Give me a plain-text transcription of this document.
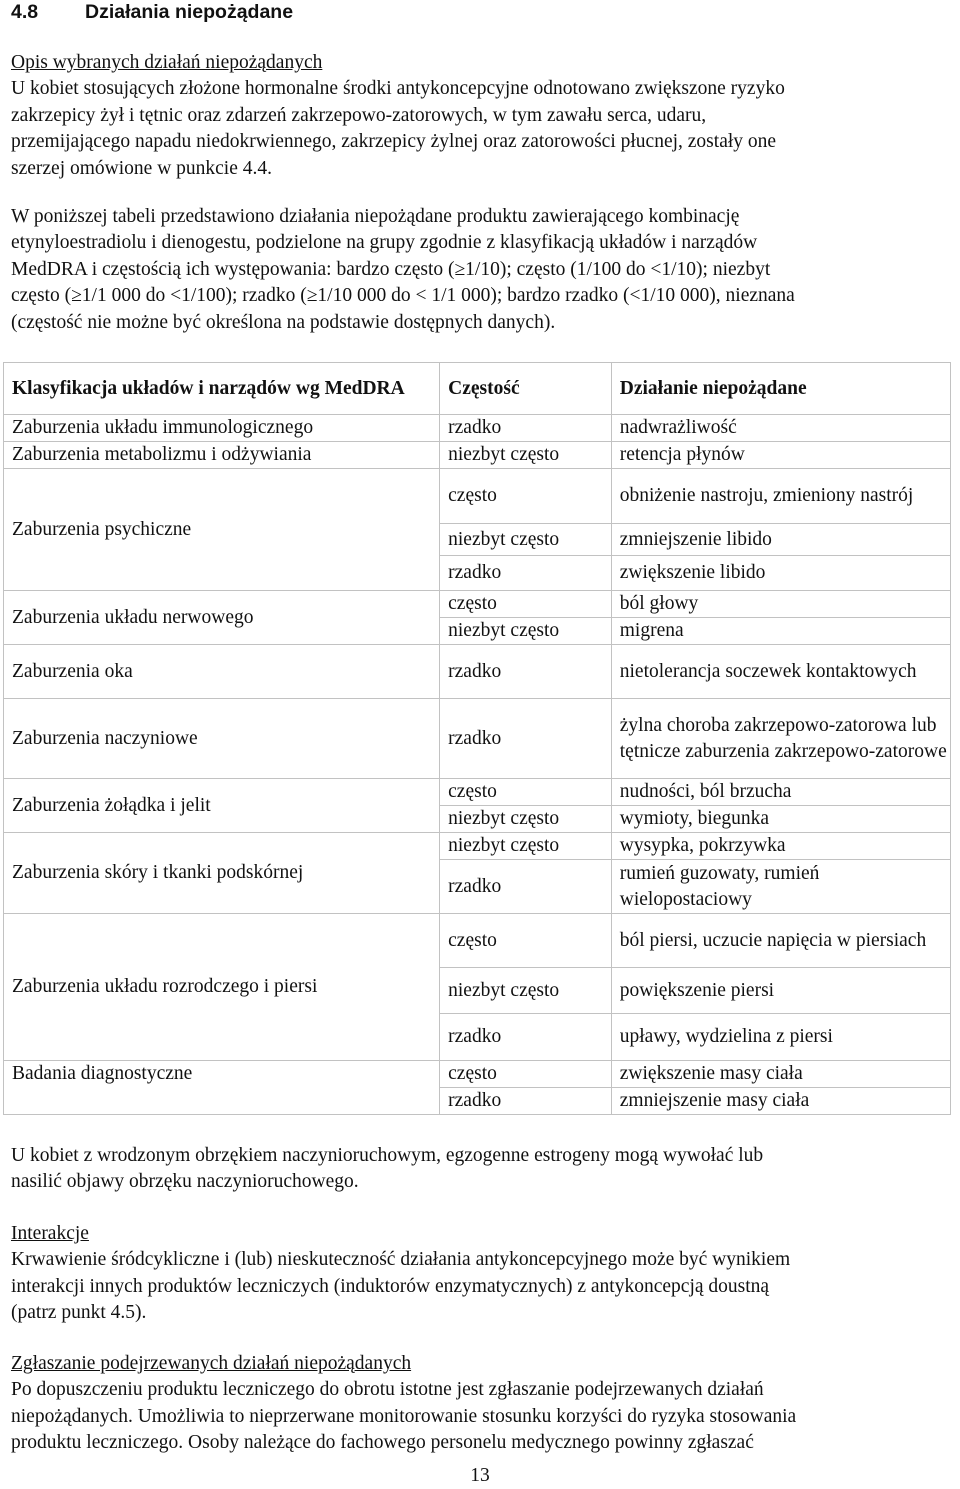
4.8 Działania niepożądane
Opis wybranych działań niepożądanych
U kobiet stosujących złożone hormonalne środki antykoncepcyjne odnotowano zwiększone ryzyko
zakrzepicy żył i tętnic oraz zdarzeń zakrzepowo-zatorowych, w tym zawału serca, udaru,
przemijającego napadu niedokrwiennego, zakrzepicy żylnej oraz zatorowości płucnej, zostały one
szerzej omówione w punkcie 4.4.
W poniższej tabeli przedstawiono działania niepożądane produktu zawierającego kombinację
etynyloestradiolu i dienogestu, podzielone na grupy zgodnie z klasyfikacją układów i narządów
MedDRA i częstością ich występowania: bardzo często (≥1/10); często (1/100 do <1/10); niezbyt
często (≥1/1 000 do <1/100); rzadko (≥1/10 000 do < 1/1 000); bardzo rzadko (<1/10 000), nieznana
(częstość nie możne być określona na podstawie dostępnych danych).
Klasyfikacja układów i narządów wg MedDRA	Częstość	Działanie niepożądane
Zaburzenia układu immunologicznego	rzadko	nadwrażliwość
Zaburzenia metabolizmu i odżywiania	niezbyt często	retencja płynów
Zaburzenia psychiczne	często	obniżenie nastroju, zmieniony nastrój
	niezbyt często	zmniejszenie libido
	rzadko	zwiększenie libido
Zaburzenia układu nerwowego	często	ból głowy
	niezbyt często	migrena
Zaburzenia oka	rzadko	nietolerancja soczewek kontaktowych
Zaburzenia naczyniowe	rzadko	żylna choroba zakrzepowo-zatorowa lub tętnicze zaburzenia zakrzepowo-zatorowe
Zaburzenia żołądka i jelit	często	nudności, ból brzucha
	niezbyt często	wymioty, biegunka
Zaburzenia skóry i tkanki podskórnej	niezbyt często	wysypka, pokrzywka
	rzadko	rumień guzowaty, rumień wielopostaciowy
Zaburzenia układu rozrodczego i piersi	często	ból piersi, uczucie napięcia w piersiach
	niezbyt często	powiększenie piersi
	rzadko	upławy, wydzielina z piersi
Badania diagnostyczne	często	zwiększenie masy ciała
	rzadko	zmniejszenie masy ciała
U kobiet z wrodzonym obrzękiem naczynioruchowym, egzogenne estrogeny mogą wywołać lub
nasilić objawy obrzęku naczynioruchowego.
Interakcje
Krwawienie śródcykliczne i (lub) nieskuteczność działania antykoncepcyjnego może być wynikiem
interakcji innych produktów leczniczych (induktorów enzymatycznych) z antykoncepcją doustną
(patrz punkt 4.5).
Zgłaszanie podejrzewanych działań niepożądanych
Po dopuszczeniu produktu leczniczego do obrotu istotne jest zgłaszanie podejrzewanych działań
niepożądanych. Umożliwia to nieprzerwane monitorowanie stosunku korzyści do ryzyka stosowania
produktu leczniczego. Osoby należące do fachowego personelu medycznego powinny zgłaszać
13
